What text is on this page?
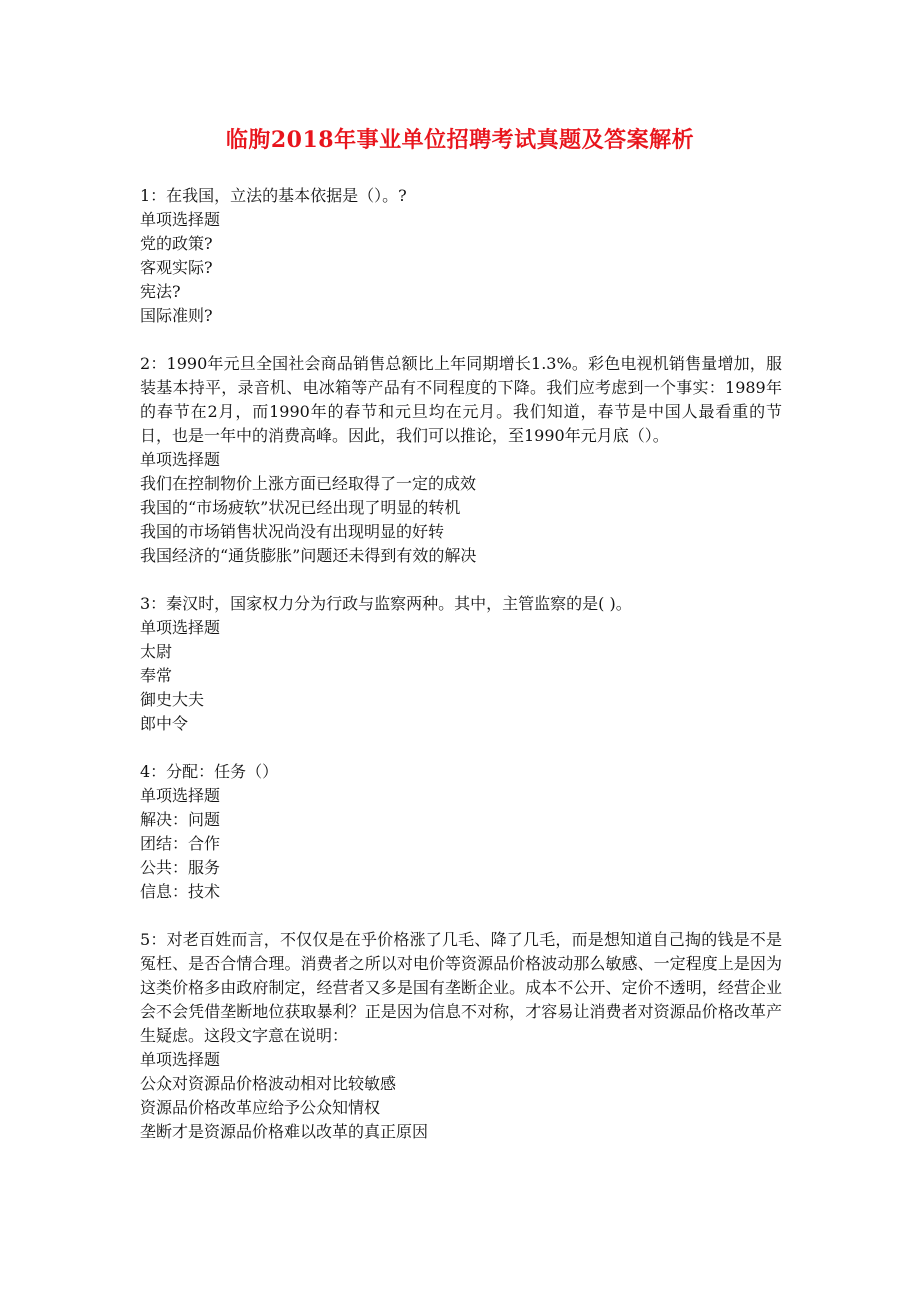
临朐2018年事业单位招聘考试真题及答案解析

1：在我国，立法的基本依据是（）。?

单项选择题

党的政策?

客观实际?

宪法?

国际准则?

2：1990年元旦全国社会商品销售总额比上年同期增长1.3%。彩色电视机销售量增加，服装基本持平，录音机、电冰箱等产品有不同程度的下降。我们应考虑到一个事实：1989年的春节在2月，而1990年的春节和元旦均在元月。我们知道，春节是中国人最看重的节日，也是一年中的消费高峰。因此，我们可以推论，至1990年元月底（）。

单项选择题

我们在控制物价上涨方面已经取得了一定的成效

我国的“市场疲软”状况已经出现了明显的转机

我国的市场销售状况尚没有出现明显的好转

我国经济的“通货膨胀”问题还未得到有效的解决

3：秦汉时，国家权力分为行政与监察两种。其中，主管监察的是( )。

单项选择题

太尉

奉常

御史大夫

郎中令

4：分配：任务（）

单项选择题

解决：问题

团结：合作

公共：服务

信息：技术

5：对老百姓而言，不仅仅是在乎价格涨了几毛、降了几毛，而是想知道自己掏的钱是不是冤枉、是否合情合理。消费者之所以对电价等资源品价格波动那么敏感、一定程度上是因为这类价格多由政府制定，经营者又多是国有垄断企业。成本不公开、定价不透明，经营企业会不会凭借垄断地位获取暴利？正是因为信息不对称，才容易让消费者对资源品价格改革产生疑虑。这段文字意在说明：

单项选择题

公众对资源品价格波动相对比较敏感

资源品价格改革应给予公众知情权

垄断才是资源品价格难以改革的真正原因
